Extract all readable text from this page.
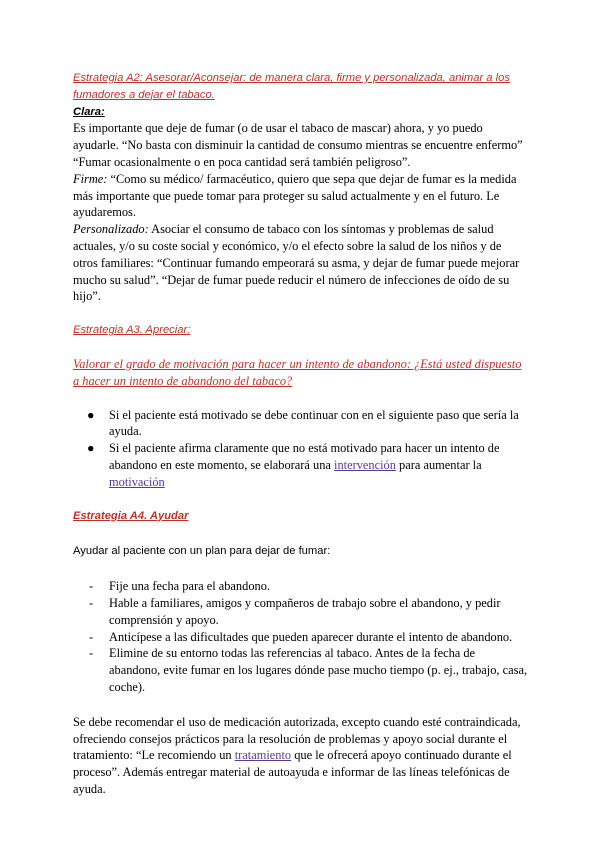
Estrategia A2: Asesorar/Aconsejar: de manera clara, firme y personalizada, animar a los
fumadores a dejar el tabaco.
Clara:

Es importante que deje de fumar (o de usar el tabaco de mascar) ahora, y yo puedo ayudarle. “No basta con disminuir la cantidad de consumo mientras se encuentre enfermo” “Fumar ocasionalmente o en poca cantidad será también peligroso”.

Firme: “Como su médico/ farmacéutico, quiero que sepa que dejar de fumar es la medida más importante que puede tomar para proteger su salud actualmente y en el futuro. Le ayudaremos.

Personalizado: Asociar el consumo de tabaco con los síntomas y problemas de salud actuales, y/o su coste social y económico, y/o el efecto sobre la salud de los niños y de otros familiares: “Continuar fumando empeorará su asma, y dejar de fumar puede mejorar mucho su salud”. “Dejar de fumar puede reducir el número de infecciones de oído de su hijo”.

Estrategia A3. Apreciar:

Valorar el grado de motivación para hacer un intento de abandono: ¿Está usted dispuesto a hacer un intento de abandono del tabaco?

● Si el paciente está motivado se debe continuar con en el siguiente paso que sería la ayuda.
● Si el paciente afirma claramente que no está motivado para hacer un intento de abandono en este momento, se elaborará una intervención para aumentar la motivación
Estrategia A4. Ayudar

Ayudar al paciente con un plan para dejar de fumar:

- Fije una fecha para el abandono.
- Hable a familiares, amigos y compañeros de trabajo sobre el abandono, y pedir comprensión y apoyo.
- Anticípese a las dificultades que pueden aparecer durante el intento de abandono.
- Elimine de su entorno todas las referencias al tabaco. Antes de la fecha de abandono, evite fumar en los lugares dónde pase mucho tiempo (p. ej., trabajo, casa, coche).

Se debe recomendar el uso de medicación autorizada, excepto cuando esté contraindicada, ofreciendo consejos prácticos para la resolución de problemas y apoyo social durante el tratamiento: “Le recomiendo un tratamiento que le ofrecerá apoyo continuado durante el proceso”. Además entregar material de autoayuda e informar de las líneas telefónicas de ayuda.
